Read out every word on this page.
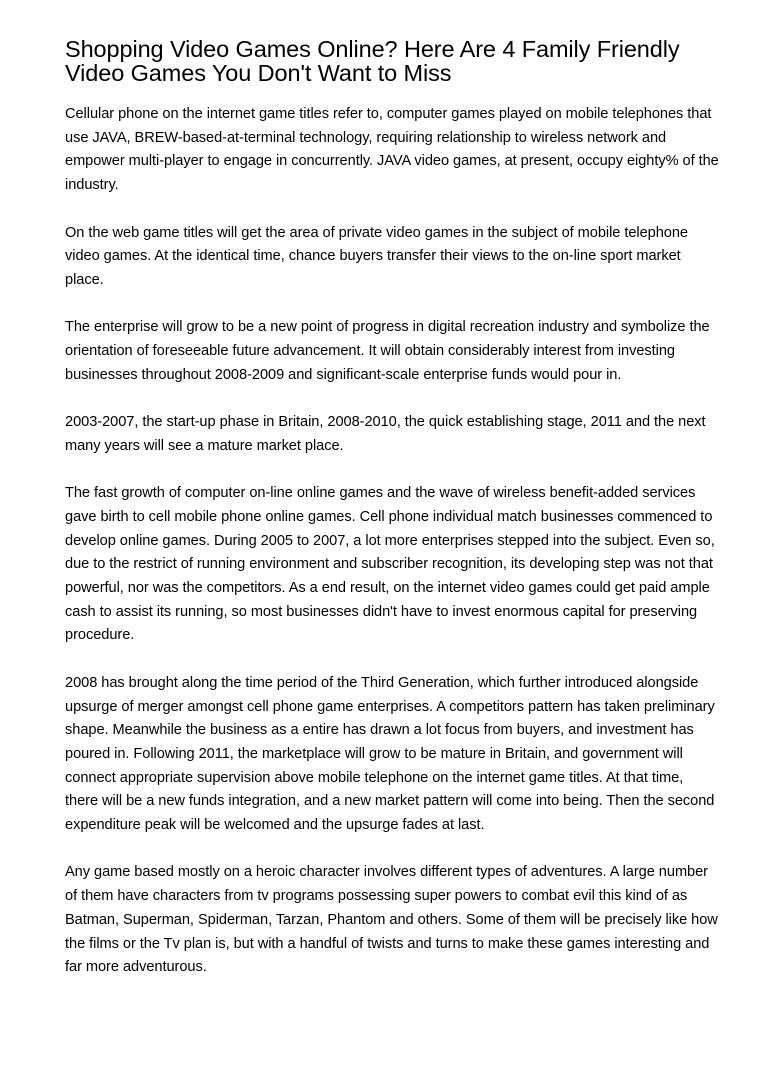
Shopping Video Games Online? Here Are 4 Family Friendly Video Games You Don't Want to Miss

Cellular phone on the internet game titles refer to, computer games played on mobile telephones that use JAVA, BREW-based-at-terminal technology, requiring relationship to wireless network and empower multi-player to engage in concurrently. JAVA video games, at present, occupy eighty% of the industry.

On the web game titles will get the area of private video games in the subject of mobile telephone video games. At the identical time, chance buyers transfer their views to the on-line sport market place.

The enterprise will grow to be a new point of progress in digital recreation industry and symbolize the orientation of foreseeable future advancement. It will obtain considerably interest from investing businesses throughout 2008-2009 and significant-scale enterprise funds would pour in.

2003-2007, the start-up phase in Britain, 2008-2010, the quick establishing stage, 2011 and the next many years will see a mature market place.

The fast growth of computer on-line online games and the wave of wireless benefit-added services gave birth to cell mobile phone online games. Cell phone individual match businesses commenced to develop online games. During 2005 to 2007, a lot more enterprises stepped into the subject. Even so, due to the restrict of running environment and subscriber recognition, its developing step was not that powerful, nor was the competitors. As a end result, on the internet video games could get paid ample cash to assist its running, so most businesses didn't have to invest enormous capital for preserving procedure.

2008 has brought along the time period of the Third Generation, which further introduced alongside upsurge of merger amongst cell phone game enterprises. A competitors pattern has taken preliminary shape. Meanwhile the business as a entire has drawn a lot focus from buyers, and investment has poured in. Following 2011, the marketplace will grow to be mature in Britain, and government will connect appropriate supervision above mobile telephone on the internet game titles. At that time, there will be a new funds integration, and a new market pattern will come into being. Then the second expenditure peak will be welcomed and the upsurge fades at last.

Any game based mostly on a heroic character involves different types of adventures. A large number of them have characters from tv programs possessing super powers to combat evil this kind of as Batman, Superman, Spiderman, Tarzan, Phantom and others. Some of them will be precisely like how the films or the Tv plan is, but with a handful of twists and turns to make these games interesting and far more adventurous.
